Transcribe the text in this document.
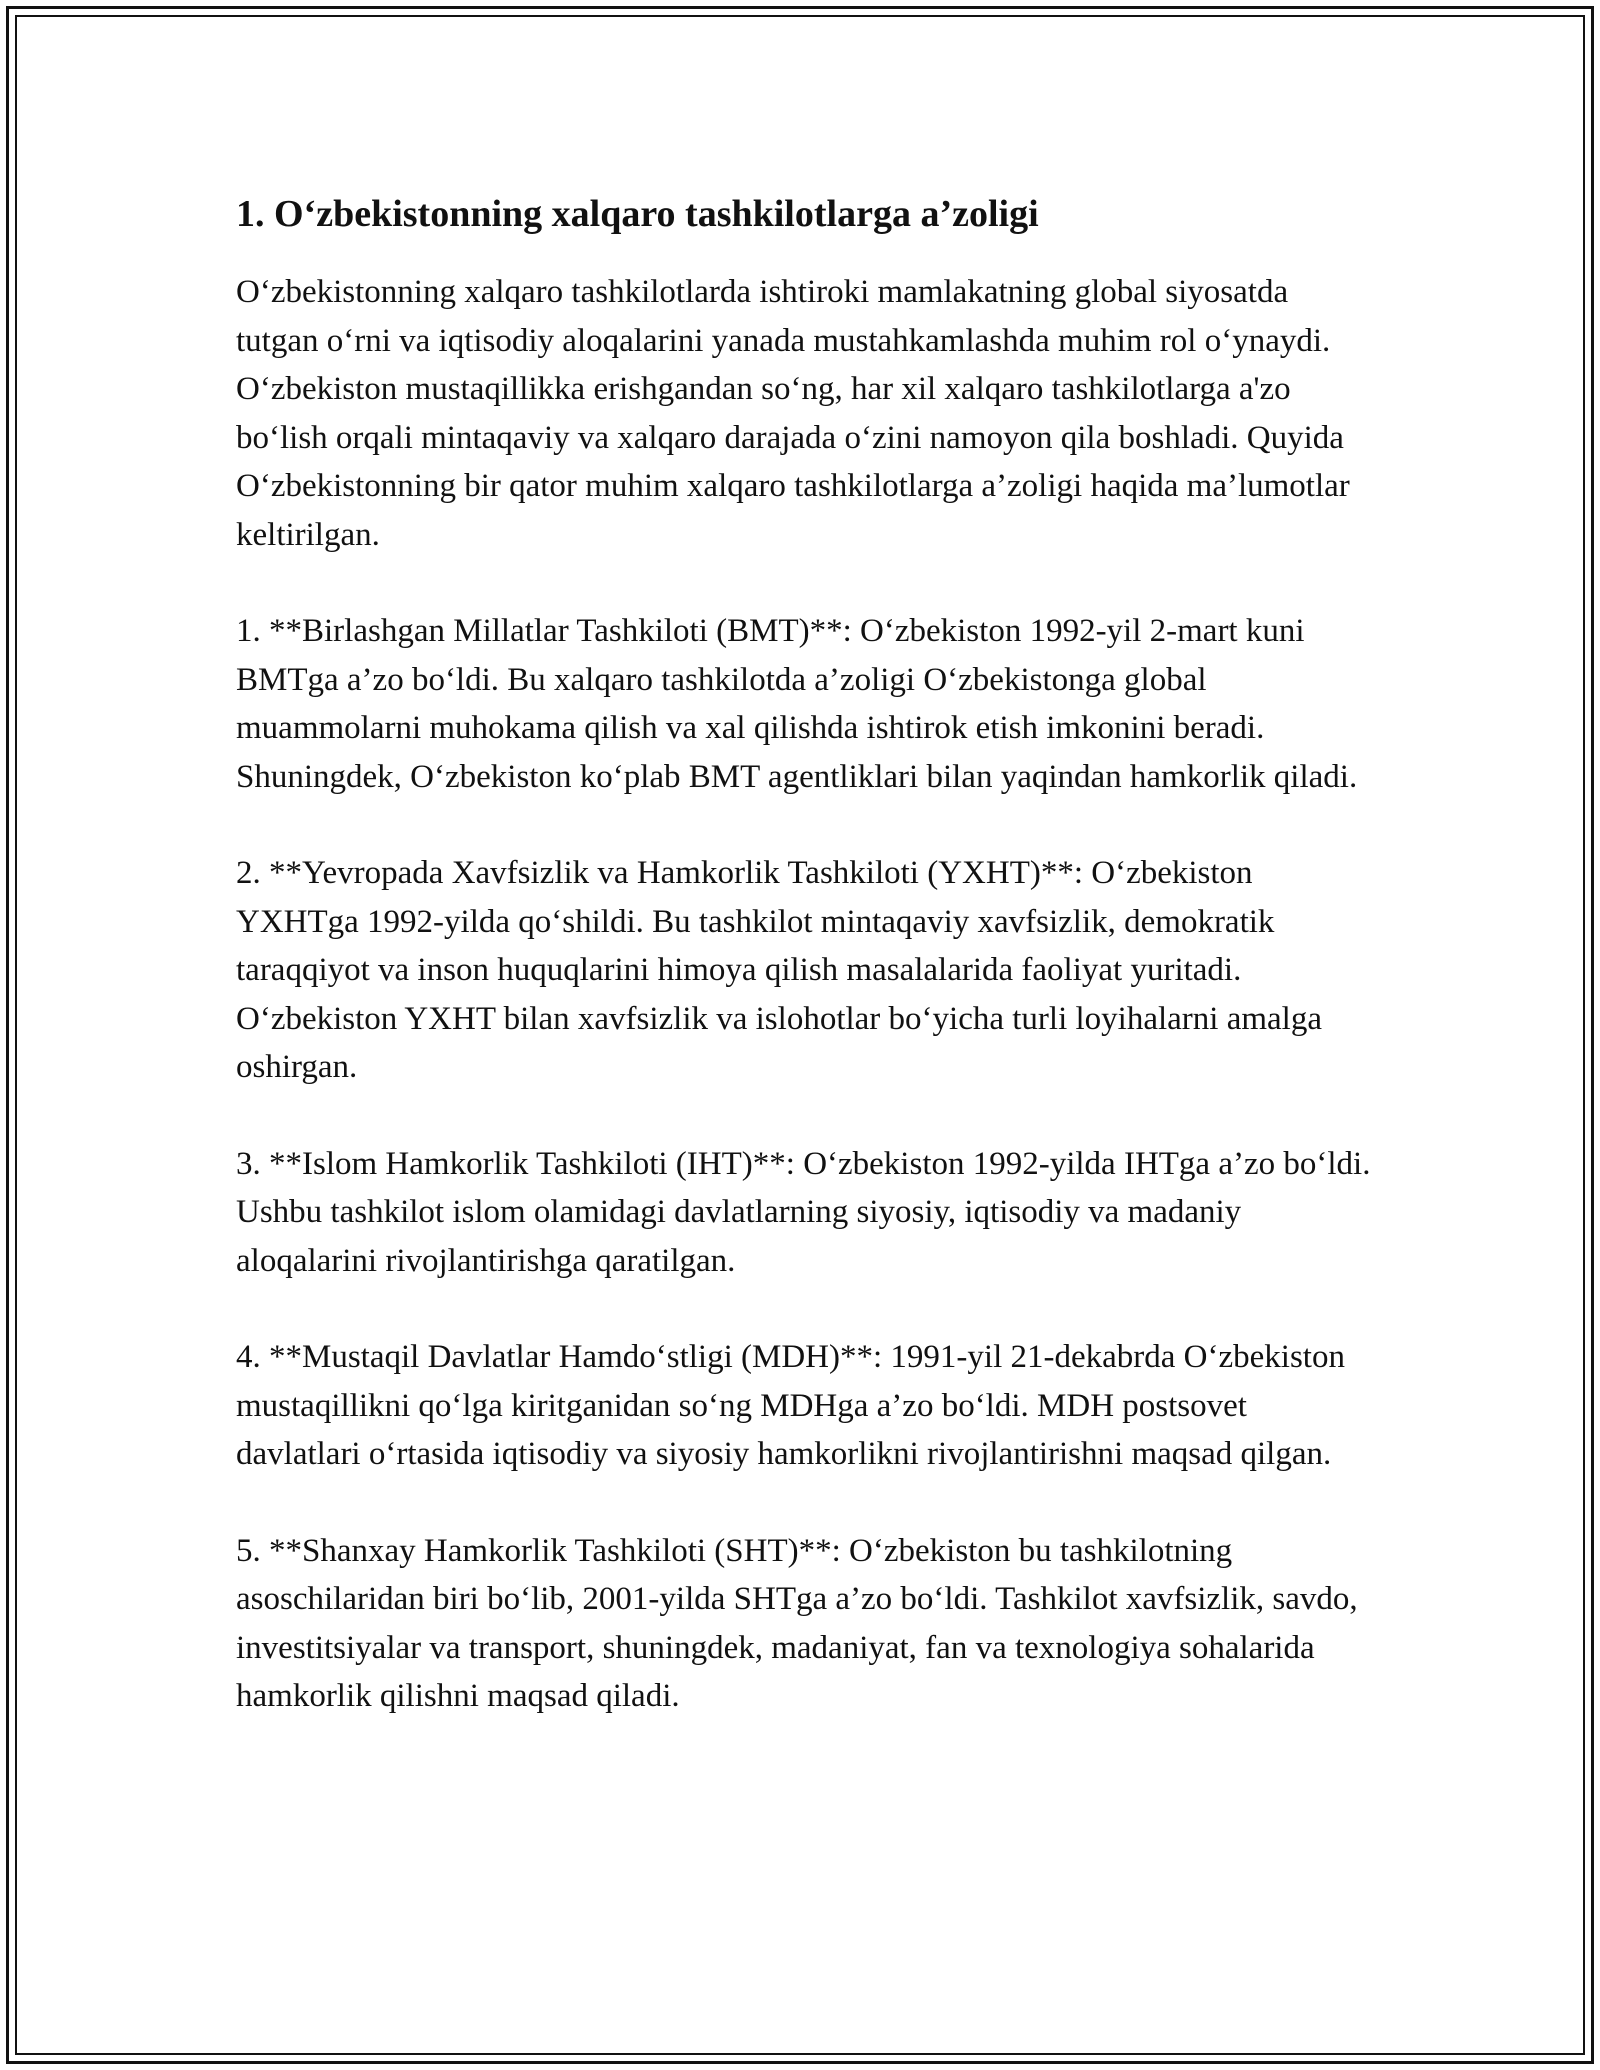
1. O‘zbekistonning xalqaro tashkilotlarga a’zoligi

O‘zbekistonning xalqaro tashkilotlarda ishtiroki mamlakatning global siyosatda tutgan o‘rni va iqtisodiy aloqalarini yanada mustahkamlashda muhim rol o‘ynaydi. O‘zbekiston mustaqillikka erishgandan so‘ng, har xil xalqaro tashkilotlarga a'zo bo‘lish orqali mintaqaviy va xalqaro darajada o‘zini namoyon qila boshladi. Quyida O‘zbekistonning bir qator muhim xalqaro tashkilotlarga a’zoligi haqida ma’lumotlar keltirilgan.

1. **Birlashgan Millatlar Tashkiloti (BMT)**: O‘zbekiston 1992-yil 2-mart kuni BMTga a’zo bo‘ldi. Bu xalqaro tashkilotda a’zoligi O‘zbekistonga global muammolarni muhokama qilish va xal qilishda ishtirok etish imkonini beradi. Shuningdek, O‘zbekiston ko‘plab BMT agentliklari bilan yaqindan hamkorlik qiladi.

2. **Yevropada Xavfsizlik va Hamkorlik Tashkiloti (YXHT)**: O‘zbekiston YXHTga 1992-yilda qo‘shildi. Bu tashkilot mintaqaviy xavfsizlik, demokratik taraqqiyot va inson huquqlarini himoya qilish masalalarida faoliyat yuritadi. O‘zbekiston YXHT bilan xavfsizlik va islohotlar bo‘yicha turli loyihalarni amalga oshirgan.

3. **Islom Hamkorlik Tashkiloti (IHT)**: O‘zbekiston 1992-yilda IHTga a’zo bo‘ldi. Ushbu tashkilot islom olamidagi davlatlarning siyosiy, iqtisodiy va madaniy aloqalarini rivojlantirishga qaratilgan.

4. **Mustaqil Davlatlar Hamdo‘stligi (MDH)**: 1991-yil 21-dekabrda O‘zbekiston mustaqillikni qo‘lga kiritganidan so‘ng MDHga a’zo bo‘ldi. MDH postsovet davlatlari o‘rtasida iqtisodiy va siyosiy hamkorlikni rivojlantirishni maqsad qilgan.

5. **Shanxay Hamkorlik Tashkiloti (SHT)**: O‘zbekiston bu tashkilotning asoschilaridan biri bo‘lib, 2001-yilda SHTga a’zo bo‘ldi. Tashkilot xavfsizlik, savdo, investitsiyalar va transport, shuningdek, madaniyat, fan va texnologiya sohalarida hamkorlik qilishni maqsad qiladi.
